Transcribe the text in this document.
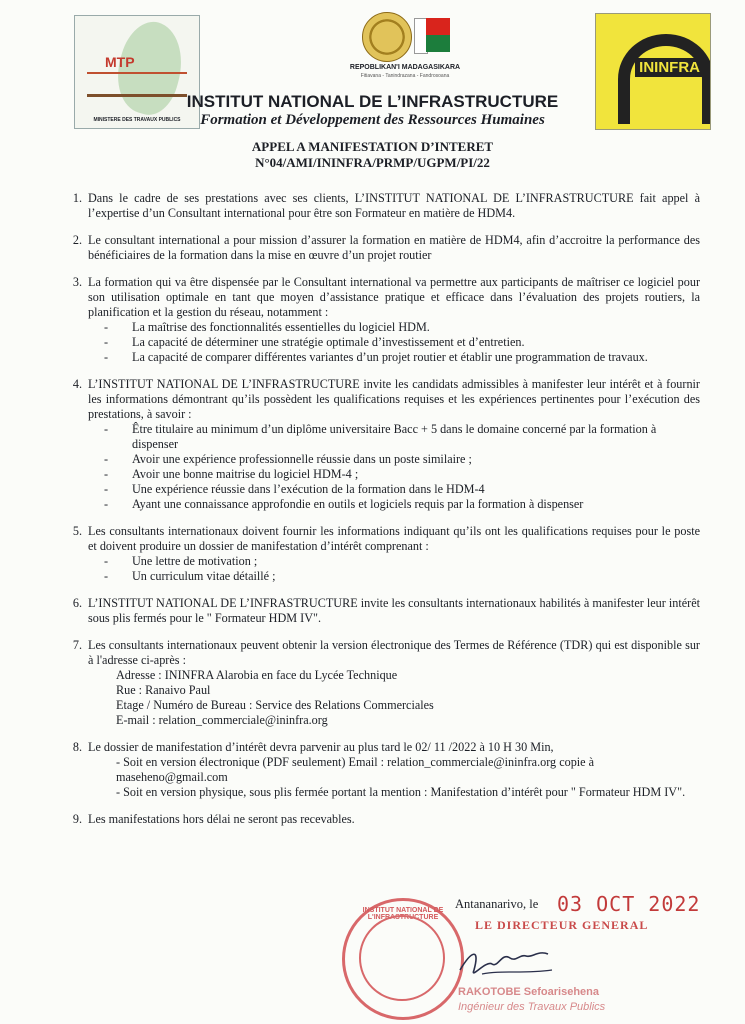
MTP
MINISTERE DES TRAVAUX PUBLICS
REPOBLIKAN'I MADAGASIKARA
Fitiavana - Tanindrazana - Fandrosoana	ININFRA
INSTITUT NATIONAL DE L’INFRASTRUCTURE
Formation et Développement des Ressources Humaines
APPEL A MANIFESTATION D’INTERET
N°04/AMI/ININFRA/PRMP/UGPM/PI/22
1. Dans le cadre de ses prestations avec ses clients, L’INSTITUT NATIONAL DE L’INFRASTRUCTURE fait appel à l’expertise d’un Consultant international pour être son Formateur en matière de HDM4.

2. Le consultant international a pour mission d’assurer la formation en matière de HDM4, afin d’accroitre la performance des bénéficiaires de la formation dans la mise en œuvre d’un projet routier

3. La formation qui va être dispensée par le Consultant international va permettre aux participants de maîtriser ce logiciel pour son utilisation optimale en tant que moyen d’assistance pratique et efficace dans l’évaluation des projets routiers, la planification et la gestion du réseau, notamment :

- La maîtrise des fonctionnalités essentielles du logiciel HDM.
- La capacité de déterminer une stratégie optimale d’investissement et d’entretien.
- La capacité de comparer différentes variantes d’un projet routier et établir une programmation de travaux.
4. L’INSTITUT NATIONAL DE L’INFRASTRUCTURE invite les candidats admissibles à manifester leur intérêt et à fournir les informations démontrant qu’ils possèdent les qualifications requises et les expériences pertinentes pour l’exécution des prestations, à savoir :

- Être titulaire au minimum d’un diplôme universitaire Bacc + 5 dans le domaine concerné par la formation à dispenser
- Avoir une expérience professionnelle réussie dans un poste similaire ;
- Avoir une bonne maitrise du logiciel HDM-4 ;
- Une expérience réussie dans l’exécution de la formation dans le HDM-4
- Ayant une connaissance approfondie en outils et logiciels requis par la formation à dispenser
5. Les consultants internationaux doivent fournir les informations indiquant qu’ils ont les qualifications requises pour le poste et doivent produire un dossier de manifestation d’intérêt comprenant :

- Une lettre de motivation ;
- Un curriculum vitae détaillé ;
6. L’INSTITUT NATIONAL DE L’INFRASTRUCTURE invite les consultants internationaux habilités à manifester leur intérêt sous plis fermés pour le " Formateur HDM IV".

7. Les consultants internationaux peuvent obtenir la version électronique des Termes de Référence (TDR) qui est disponible sur à l'adresse ci-après :

Adresse : ININFRA Alarobia en face du Lycée Technique
Rue : Ranaivo Paul
Etage / Numéro de Bureau : Service des Relations Commerciales
E-mail : relation_commerciale@ininfra.org
8. Le dossier de manifestation d’intérêt devra parvenir au plus tard le 02/ 11 /2022 à 10 H 30 Min,

- Soit en version électronique (PDF seulement) Email : relation_commerciale@ininfra.org copie à maseheno@gmail.com
- Soit en version physique, sous plis fermée portant la mention : Manifestation d’intérêt pour " Formateur HDM IV".
9. Les manifestations hors délai ne seront pas recevables.

Antananarivo, le 03 OCT 2022
LE DIRECTEUR GENERAL
INSTITUT NATIONAL DE L'INFRASTRUCTURE
RAKOTOBE Sefoarisehena
Ingénieur des Travaux Publics
